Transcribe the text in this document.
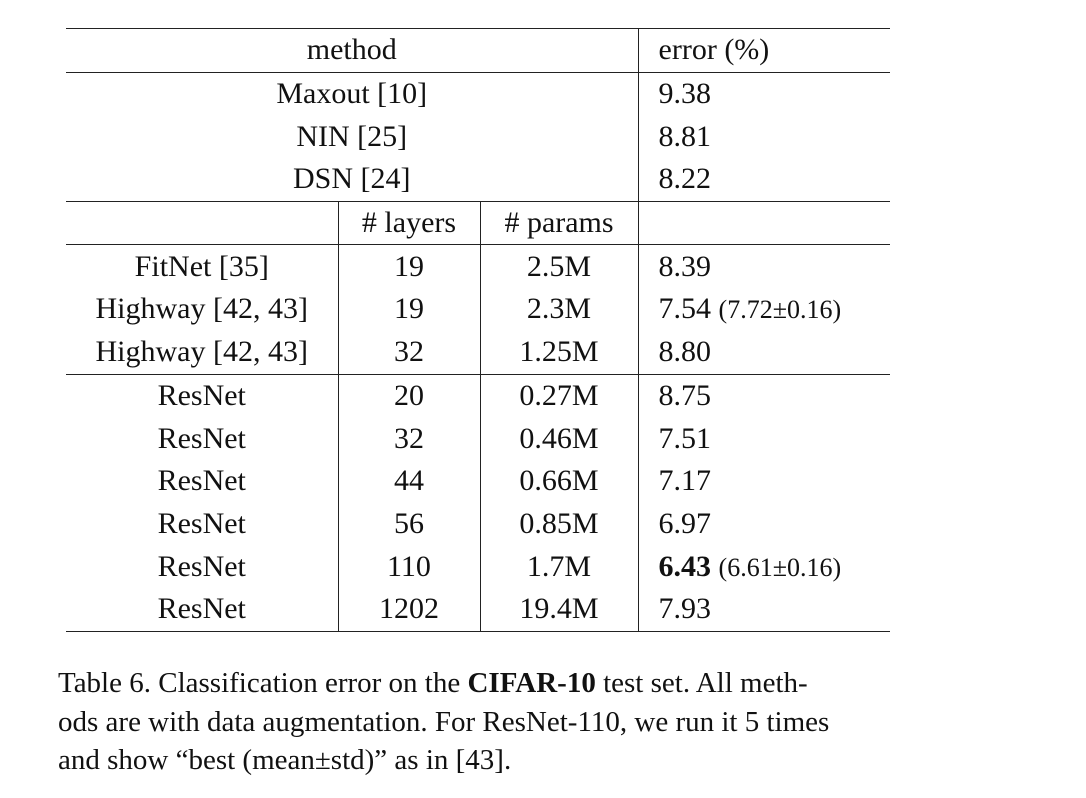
method			error (%)
Maxout [10]			9.38
NIN [25]			8.81
DSN [24]			8.22
	# layers	# params	
FitNet [35]	19	2.5M	8.39
Highway [42, 43]	19	2.3M	7.54 (7.72±0.16)
Highway [42, 43]	32	1.25M	8.80
ResNet	20	0.27M	8.75
ResNet	32	0.46M	7.51
ResNet	44	0.66M	7.17
ResNet	56	0.85M	6.97
ResNet	110	1.7M	6.43 (6.61±0.16)
ResNet	1202	19.4M	7.93
Table 6. Classification error on the CIFAR-10 test set. All meth-
ods are with data augmentation. For ResNet-110, we run it 5 times
and show “best (mean±std)” as in [43].
